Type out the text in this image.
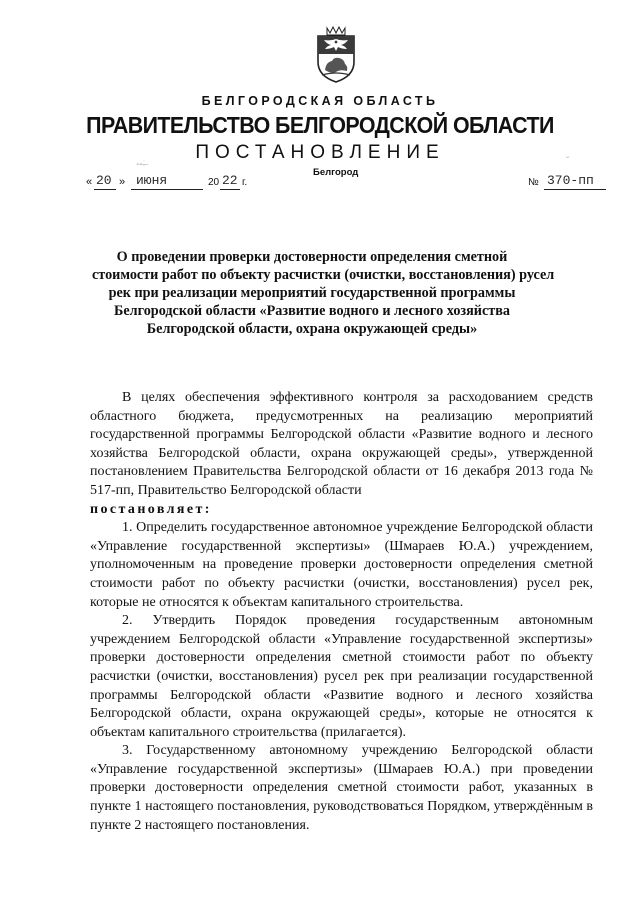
БЕЛГОРОДСКАЯ ОБЛАСТЬ
ПРАВИТЕЛЬСТВО БЕЛГОРОДСКОЙ ОБЛАСТИ
ПОСТАНОВЛЕНИЕ
·̶·̶ː̶	ˇ
Белгород
« 20 » июня	20 22 г.	№ 370-пп
О проведении проверки достоверности определения сметной
стоимости работ по объекту расчистки (очистки, восстановления) русел
рек при реализации мероприятий государственной программы
Белгородской области «Развитие водного и лесного хозяйства
Белгородской области, охрана окружающей среды»

В целях обеспечения эффективного контроля за расходованием средств областного бюджета, предусмотренных на реализацию мероприятий государственной программы Белгородской области «Развитие водного и лесного хозяйства Белгородской области, охрана окружающей среды», утвержденной постановлением Правительства Белгородской области от 16 декабря 2013 года № 517-пп, Правительство Белгородской области

постановляет:

1. Определить государственное автономное учреждение Белгородской области «Управление государственной экспертизы» (Шмараев Ю.А.) учреждением, уполномоченным на проведение проверки достоверности определения сметной стоимости работ по объекту расчистки (очистки, восстановления) русел рек, которые не относятся к объектам капитального строительства.

2. Утвердить Порядок проведения государственным автономным учреждением Белгородской области «Управление государственной экспертизы» проверки достоверности определения сметной стоимости работ по объекту расчистки (очистки, восстановления) русел рек при реализации государственной программы Белгородской области «Развитие водного и лесного хозяйства Белгородской области, охрана окружающей среды», которые не относятся к объектам капитального строительства (прилагается).

3. Государственному автономному учреждению Белгородской области «Управление государственной экспертизы» (Шмараев Ю.А.) при проведении проверки достоверности определения сметной стоимости работ, указанных в пункте 1 настоящего постановления, руководствоваться Порядком, утверждённым в пункте 2 настоящего постановления.
